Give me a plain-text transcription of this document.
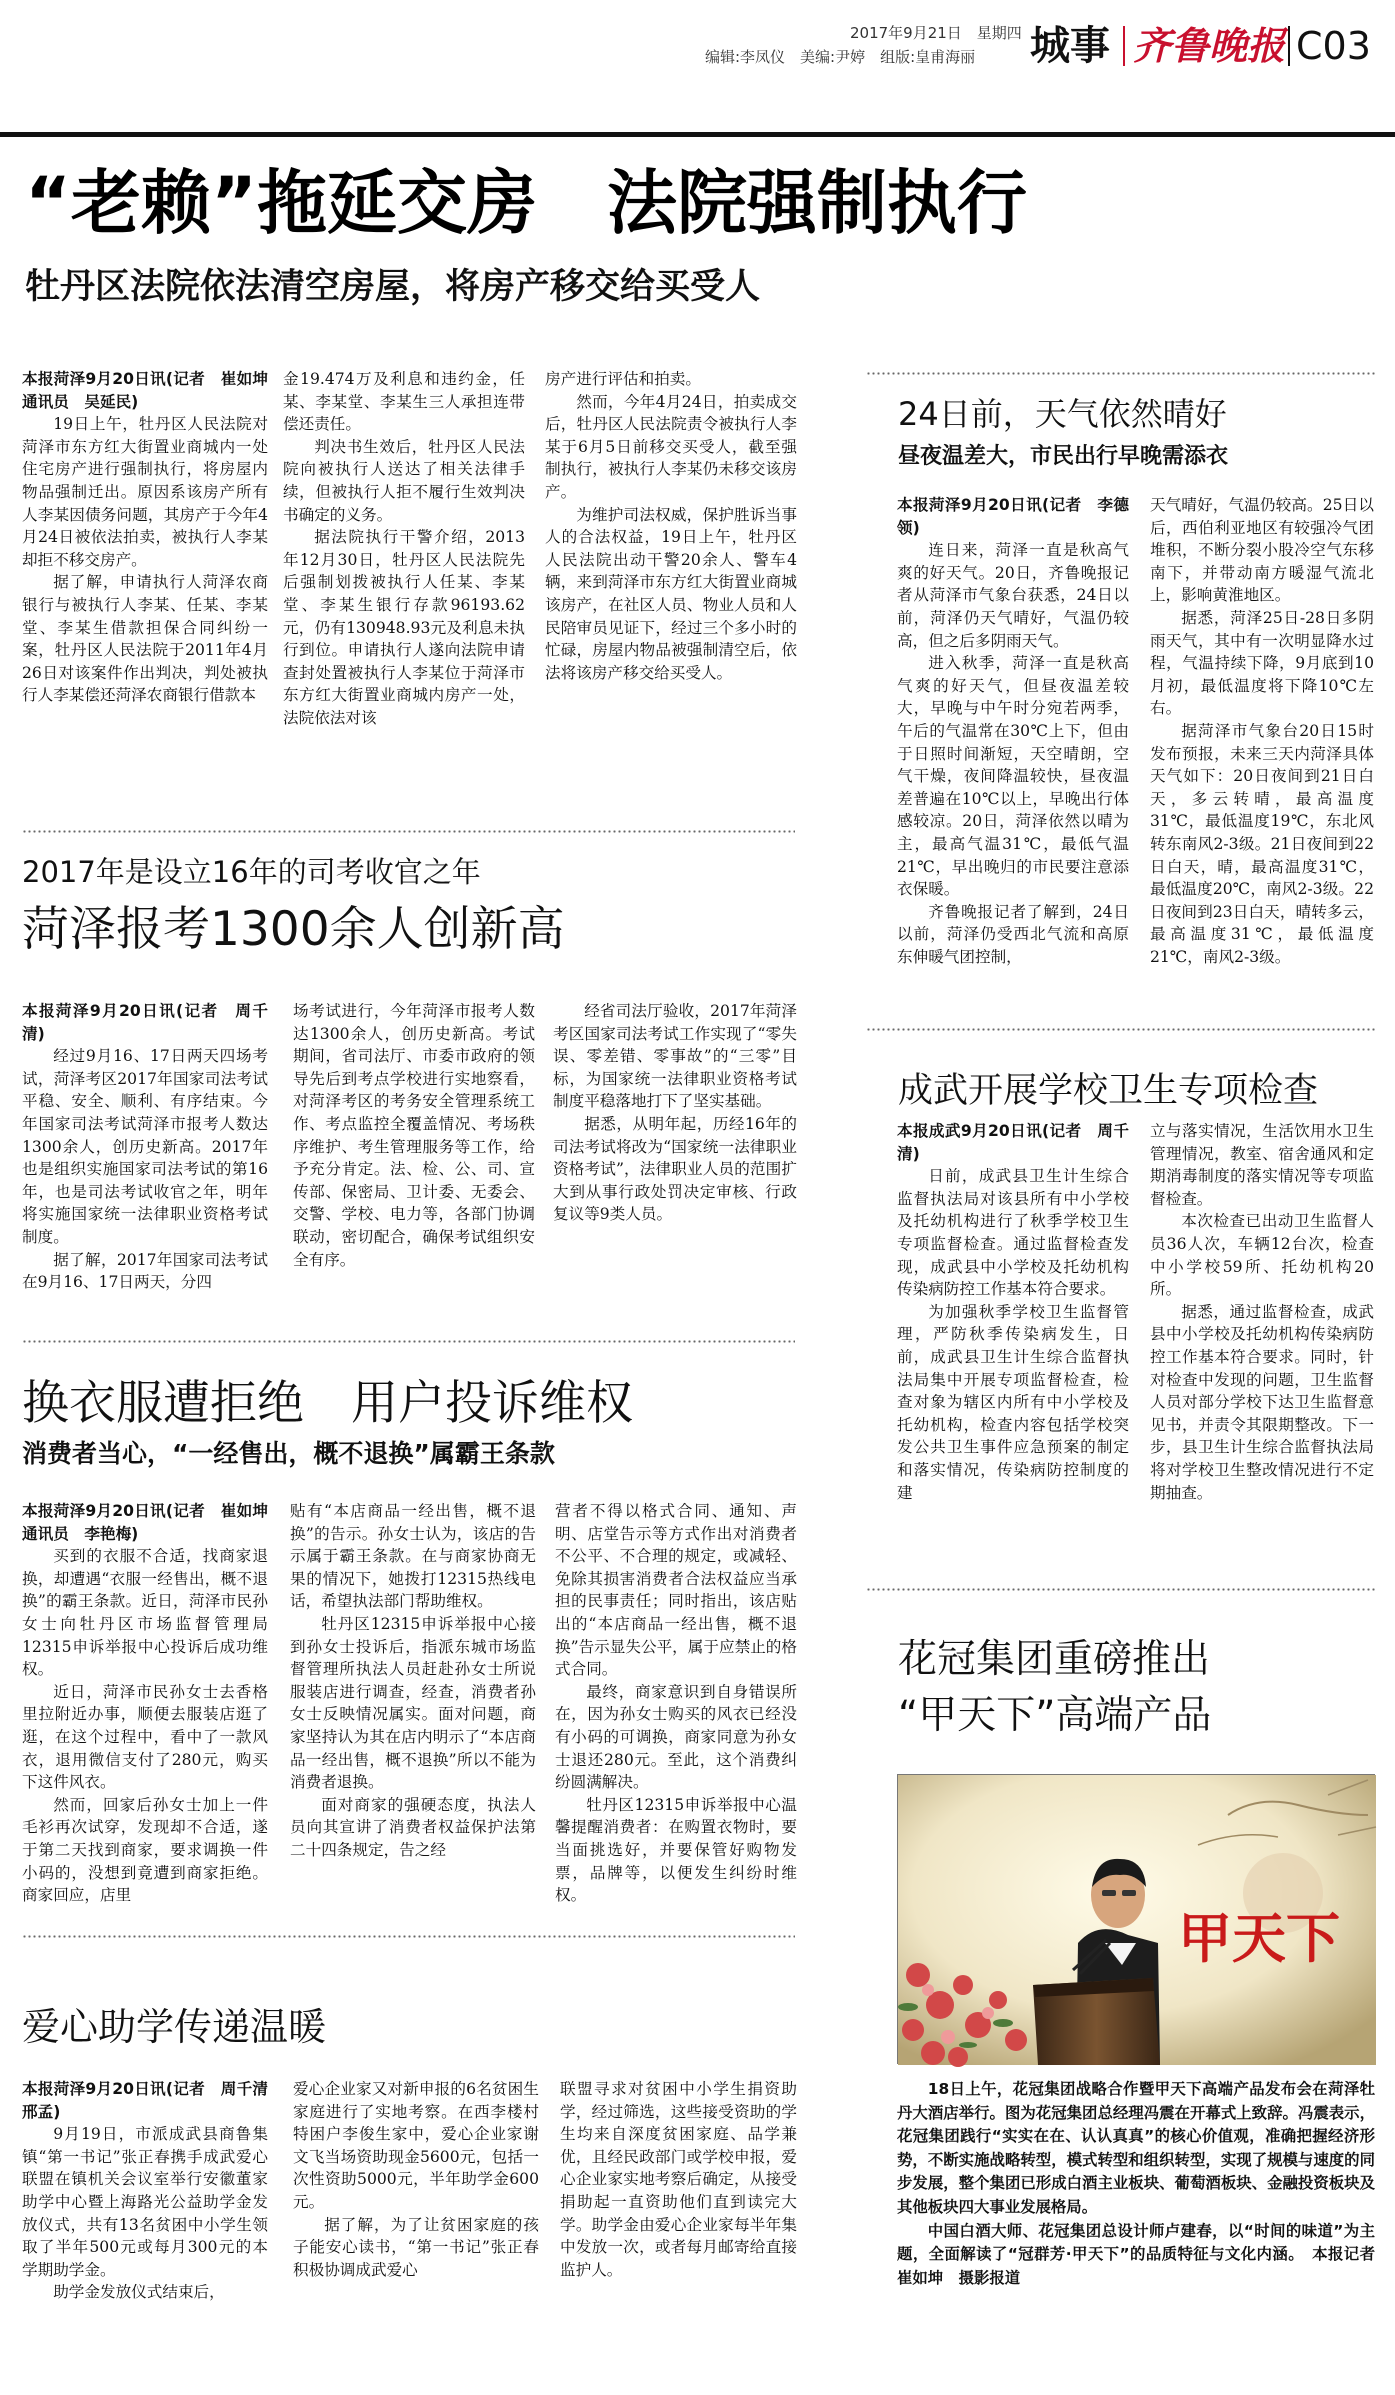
2017年9月21日　星期四
编辑:李凤仪　美编:尹婷　组版:皇甫海丽 城事 齐鲁晚报 C03
“老赖”拖延交房　法院强制执行
牡丹区法院依法清空房屋，将房产移交给买受人

本报菏泽9月20日讯(记者　崔如坤　通讯员　吴延民)

19日上午，牡丹区人民法院对菏泽市东方红大街置业商城内一处住宅房产进行强制执行，将房屋内物品强制迁出。原因系该房产所有人李某因债务问题，其房产于今年4月24日被依法拍卖，被执行人李某却拒不移交房产。

据了解，申请执行人菏泽农商银行与被执行人李某、任某、李某堂、李某生借款担保合同纠纷一案，牡丹区人民法院于2011年4月26日对该案件作出判决，判处被执行人李某偿还菏泽农商银行借款本

金19.474万及利息和违约金，任某、李某堂、李某生三人承担连带偿还责任。

判决书生效后，牡丹区人民法院向被执行人送达了相关法律手续，但被执行人拒不履行生效判决书确定的义务。

据法院执行干警介绍，2013年12月30日，牡丹区人民法院先后强制划拨被执行人任某、李某堂、李某生银行存款96193.62元，仍有130948.93元及利息未执行到位。申请执行人遂向法院申请查封处置被执行人李某位于菏泽市东方红大街置业商城内房产一处，法院依法对该

房产进行评估和拍卖。

然而，今年4月24日，拍卖成交后，牡丹区人民法院责令被执行人李某于6月5日前移交买受人，截至强制执行，被执行人李某仍未移交该房产。

为维护司法权威，保护胜诉当事人的合法权益，19日上午，牡丹区人民法院出动干警20余人、警车4辆，来到菏泽市东方红大街置业商城该房产，在社区人员、物业人员和人民陪审员见证下，经过三个多小时的忙碌，房屋内物品被强制清空后，依法将该房产移交给买受人。

2017年是设立16年的司考收官之年
菏泽报考1300余人创新高

本报菏泽9月20日讯(记者　周千清)

经过9月16、17日两天四场考试，菏泽考区2017年国家司法考试平稳、安全、顺利、有序结束。今年国家司法考试菏泽市报考人数达1300余人，创历史新高。2017年也是组织实施国家司法考试的第16年，也是司法考试收官之年，明年将实施国家统一法律职业资格考试制度。

据了解，2017年国家司法考试在9月16、17日两天，分四

场考试进行，今年菏泽市报考人数达1300余人，创历史新高。考试期间，省司法厅、市委市政府的领导先后到考点学校进行实地察看，对菏泽考区的考务安全管理系统工作、考点监控全覆盖情况、考场秩序维护、考生管理服务等工作，给予充分肯定。法、检、公、司、宣传部、保密局、卫计委、无委会、交警、学校、电力等，各部门协调联动，密切配合，确保考试组织安全有序。

经省司法厅验收，2017年菏泽考区国家司法考试工作实现了“零失误、零差错、零事故”的“三零”目标，为国家统一法律职业资格考试制度平稳落地打下了坚实基础。

据悉，从明年起，历经16年的司法考试将改为“国家统一法律职业资格考试”，法律职业人员的范围扩大到从事行政处罚决定审核、行政复议等9类人员。

换衣服遭拒绝　用户投诉维权
消费者当心，“一经售出，概不退换”属霸王条款

本报菏泽9月20日讯(记者　崔如坤　通讯员　李艳梅)

买到的衣服不合适，找商家退换，却遭遇“衣服一经售出，概不退换”的霸王条款。近日，菏泽市民孙女士向牡丹区市场监督管理局12315申诉举报中心投诉后成功维权。

近日，菏泽市民孙女士去香格里拉附近办事，顺便去服装店逛了逛，在这个过程中，看中了一款风衣，退用微信支付了280元，购买下这件风衣。

然而，回家后孙女士加上一件毛衫再次试穿，发现却不合适，遂于第二天找到商家，要求调换一件小码的，没想到竟遭到商家拒绝。商家回应，店里

贴有“本店商品一经出售，概不退换”的告示。孙女士认为，该店的告示属于霸王条款。在与商家协商无果的情况下，她拨打12315热线电话，希望执法部门帮助维权。

牡丹区12315申诉举报中心接到孙女士投诉后，指派东城市场监督管理所执法人员赶赴孙女士所说服装店进行调查，经查，消费者孙女士反映情况属实。面对问题，商家坚持认为其在店内明示了“本店商品一经出售，概不退换”所以不能为消费者退换。

面对商家的强硬态度，执法人员向其宣讲了消费者权益保护法第二十四条规定，告之经

营者不得以格式合同、通知、声明、店堂告示等方式作出对消费者不公平、不合理的规定，或减轻、免除其损害消费者合法权益应当承担的民事责任；同时指出，该店贴出的“本店商品一经出售，概不退换”告示显失公平，属于应禁止的格式合同。

最终，商家意识到自身错误所在，因为孙女士购买的风衣已经没有小码的可调换，商家同意为孙女士退还280元。至此，这个消费纠纷圆满解决。

牡丹区12315申诉举报中心温馨提醒消费者：在购置衣物时，要当面挑选好，并要保管好购物发票，品牌等，以便发生纠纷时维权。

爱心助学传递温暖

本报菏泽9月20日讯(记者　周千清　邢孟)

9月19日，市派成武县商鲁集镇“第一书记”张正春携手成武爱心联盟在镇机关会议室举行安徽董家助学中心暨上海路光公益助学金发放仪式，共有13名贫困中小学生领取了半年500元或每月300元的本学期助学金。

助学金发放仪式结束后，

爱心企业家又对新申报的6名贫困生家庭进行了实地考察。在西李楼村特困户李俊生家中，爱心企业家谢文飞当场资助现金5600元，包括一次性资助5000元，半年助学金600元。

据了解，为了让贫困家庭的孩子能安心读书，“第一书记”张正春积极协调成武爱心

联盟寻求对贫困中小学生捐资助学，经过筛选，这些接受资助的学生均来自深度贫困家庭、品学兼优，且经民政部门或学校申报，爱心企业家实地考察后确定，从接受捐助起一直资助他们直到读完大学。助学金由爱心企业家每半年集中发放一次，或者每月邮寄给直接监护人。

24日前，天气依然晴好
昼夜温差大，市民出行早晚需添衣

本报菏泽9月20日讯(记者　李德领)

连日来，菏泽一直是秋高气爽的好天气。20日，齐鲁晚报记者从菏泽市气象台获悉，24日以前，菏泽仍天气晴好，气温仍较高，但之后多阴雨天气。

进入秋季，菏泽一直是秋高气爽的好天气，但昼夜温差较大，早晚与中午时分宛若两季，午后的气温常在30℃上下，但由于日照时间渐短，天空晴朗，空气干燥，夜间降温较快，昼夜温差普遍在10℃以上，早晚出行体感较凉。20日，菏泽依然以晴为主，最高气温31℃，最低气温21℃，早出晚归的市民要注意添衣保暖。

齐鲁晚报记者了解到，24日以前，菏泽仍受西北气流和高原东伸暖气团控制，

天气晴好，气温仍较高。25日以后，西伯利亚地区有较强冷气团堆积，不断分裂小股冷空气东移南下，并带动南方暖湿气流北上，影响黄淮地区。

据悉，菏泽25日-28日多阴雨天气，其中有一次明显降水过程，气温持续下降，9月底到10月初，最低温度将下降10℃左右。

据菏泽市气象台20日15时发布预报，未来三天内菏泽具体天气如下：20日夜间到21日白天，多云转晴，最高温度31℃，最低温度19℃，东北风转东南风2-3级。21日夜间到22日白天，晴，最高温度31℃，最低温度20℃，南风2-3级。22日夜间到23日白天，晴转多云，最高温度31℃，最低温度21℃，南风2-3级。

成武开展学校卫生专项检查

本报成武9月20日讯(记者　周千清)

日前，成武县卫生计生综合监督执法局对该县所有中小学校及托幼机构进行了秋季学校卫生专项监督检查。通过监督检查发现，成武县中小学校及托幼机构传染病防控工作基本符合要求。

为加强秋季学校卫生监督管理，严防秋季传染病发生，日前，成武县卫生计生综合监督执法局集中开展专项监督检查，检查对象为辖区内所有中小学校及托幼机构，检查内容包括学校突发公共卫生事件应急预案的制定和落实情况，传染病防控制度的建

立与落实情况，生活饮用水卫生管理情况，教室、宿舍通风和定期消毒制度的落实情况等专项监督检查。

本次检查已出动卫生监督人员36人次，车辆12台次，检查中小学校59所、托幼机构20所。

据悉，通过监督检查，成武县中小学校及托幼机构传染病防控工作基本符合要求。同时，针对检查中发现的问题，卫生监督人员对部分学校下达卫生监督意见书，并责令其限期整改。下一步，县卫生计生综合监督执法局将对学校卫生整改情况进行不定期抽查。

花冠集团重磅推出
“甲天下”高端产品
甲天下

18日上午，花冠集团战略合作暨甲天下高端产品发布会在菏泽牡丹大酒店举行。图为花冠集团总经理冯震在开幕式上致辞。冯震表示，花冠集团践行“实实在在、认认真真”的核心价值观，准确把握经济形势，不断实施战略转型，模式转型和组织转型，实现了规模与速度的同步发展，整个集团已形成白酒主业板块、葡萄酒板块、金融投资板块及其他板块四大事业发展格局。

中国白酒大师、花冠集团总设计师卢建春，以“时间的味道”为主题，全面解读了“冠群芳·甲天下”的品质特征与文化内涵。　本报记者　崔如坤　摄影报道
